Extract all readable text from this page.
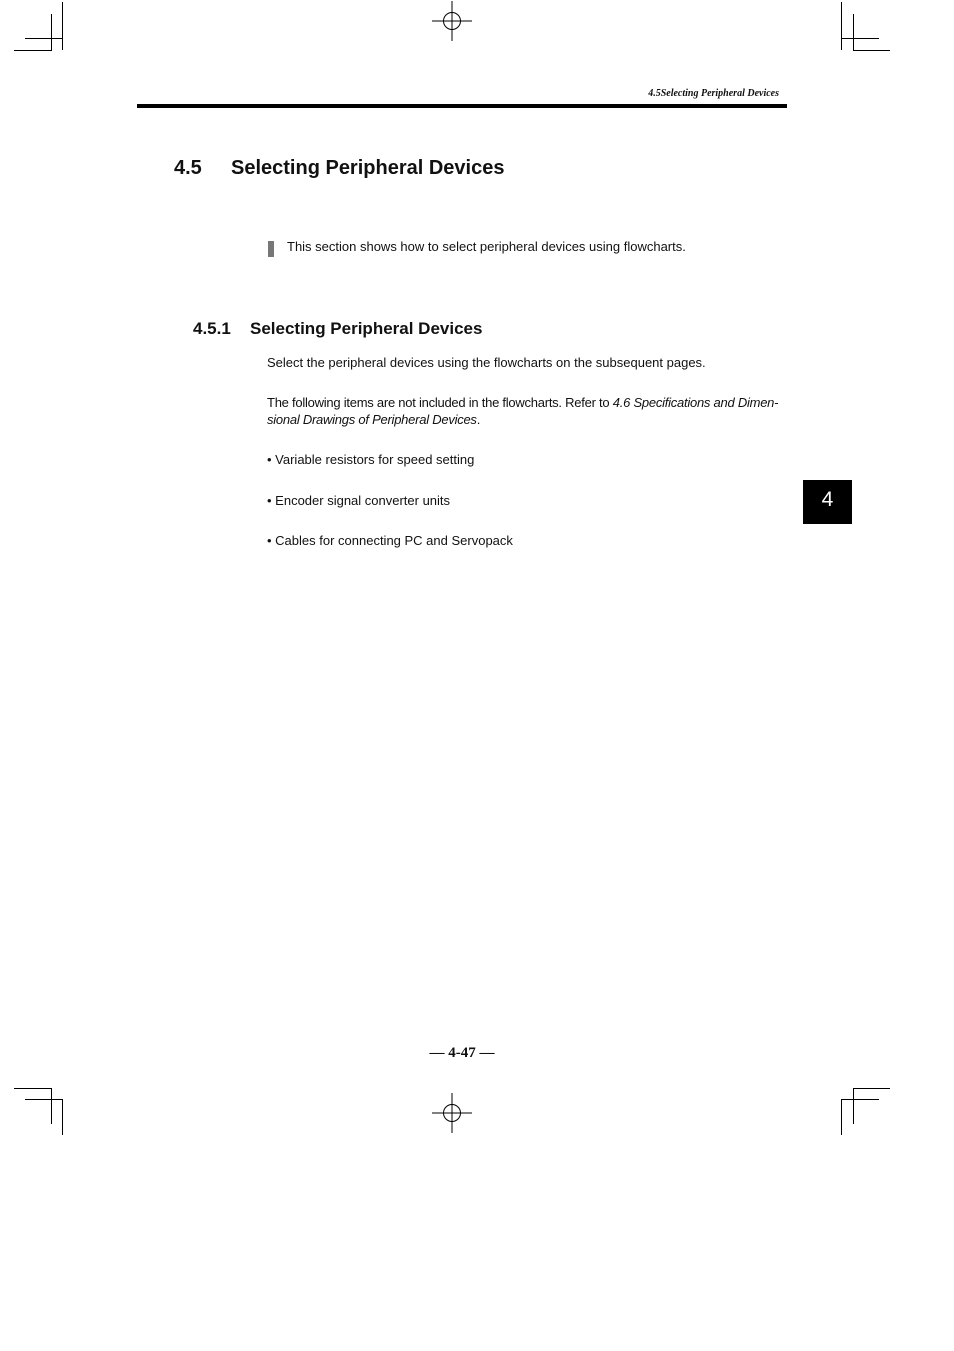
4.5Selecting Peripheral Devices
4.5 Selecting Peripheral Devices
This section shows how to select peripheral devices using flowcharts.
4.5.1 Selecting Peripheral Devices
Select the peripheral devices using the flowcharts on the subsequent pages.
The following items are not included in the flowcharts. Refer to 4.6 Specifications and Dimen-
sional Drawings of Peripheral Devices.
• Variable resistors for speed setting
• Encoder signal converter units
• Cables for connecting PC and Servopack
4
— 4-47 —
